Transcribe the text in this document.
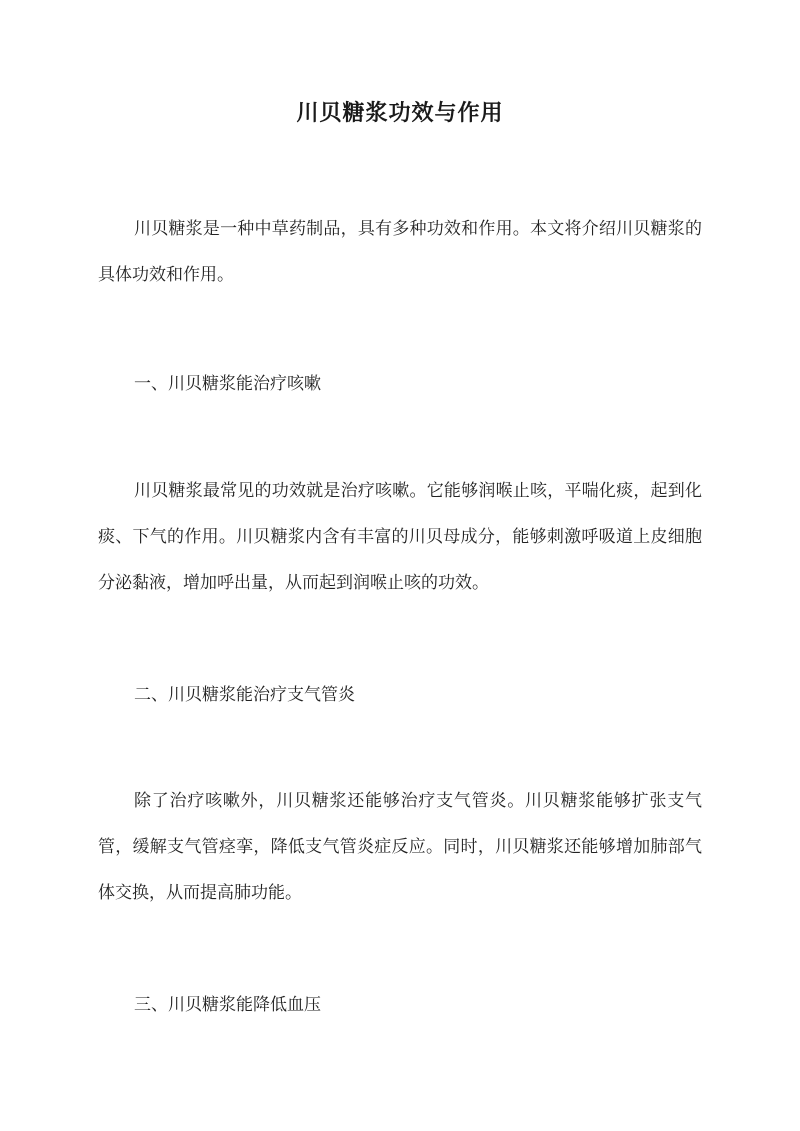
川贝糖浆功效与作用

川贝糖浆是一种中草药制品，具有多种功效和作用。本文将介绍川贝糖浆的具体功效和作用。

一、川贝糖浆能治疗咳嗽

川贝糖浆最常见的功效就是治疗咳嗽。它能够润喉止咳，平喘化痰，起到化痰、下气的作用。川贝糖浆内含有丰富的川贝母成分，能够刺激呼吸道上皮细胞分泌黏液，增加呼出量，从而起到润喉止咳的功效。

二、川贝糖浆能治疗支气管炎

除了治疗咳嗽外，川贝糖浆还能够治疗支气管炎。川贝糖浆能够扩张支气管，缓解支气管痉挛，降低支气管炎症反应。同时，川贝糖浆还能够增加肺部气体交换，从而提高肺功能。

三、川贝糖浆能降低血压
